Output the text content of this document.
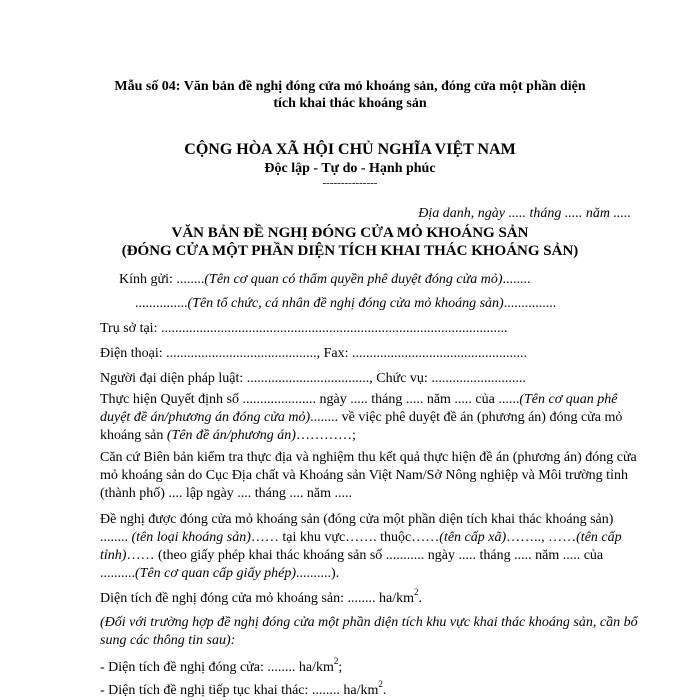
Mẫu số 04: Văn bản đề nghị đóng cửa mỏ khoáng sản, đóng cửa một phần diện
tích khai thác khoáng sản
CỘNG HÒA XÃ HỘI CHỦ NGHĨA VIỆT NAM
Độc lập - Tự do - Hạnh phúc
---------------
Địa danh, ngày ..... tháng ..... năm .....
VĂN BẢN ĐỀ NGHỊ ĐÓNG CỬA MỎ KHOÁNG SẢN
(ĐÓNG CỬA MỘT PHẦN DIỆN TÍCH KHAI THÁC KHOÁNG SẢN)
Kính gửi: ........(Tên cơ quan có thẩm quyền phê duyệt đóng cửa mỏ)........
...............(Tên tổ chức, cá nhân đề nghị đóng cửa mỏ khoáng sản)...............
Trụ sở tại: ...................................................................................................
Điện thoại: ..........................................., Fax: ..................................................
Người đại diện pháp luật: ..................................., Chức vụ: ...........................
Thực hiện Quyết định số ..................... ngày ..... tháng ..... năm ..... của ......(Tên cơ quan phê duyệt đề án/phương án đóng cửa mỏ)........ về việc phê duyệt đề án (phương án) đóng cửa mỏ khoáng sản (Tên đề án/phương án)…………;
Căn cứ Biên bản kiểm tra thực địa và nghiệm thu kết quả thực hiện đề án (phương án) đóng cửa mỏ khoáng sản do Cục Địa chất và Khoáng sản Việt Nam/Sở Nông nghiệp và Môi trường tỉnh (thành phố) .... lập ngày .... tháng .... năm .....
Đề nghị được đóng cửa mỏ khoáng sản (đóng cửa một phần diện tích khai thác khoáng sản) ........ (tên loại khoáng sản)…… tại khu vực……. thuộc……(tên cấp xã)…….., ……(tên cấp tỉnh)…… (theo giấy phép khai thác khoáng sản số ........... ngày ..... tháng ..... năm ..... của ..........(Tên cơ quan cấp giấy phép)..........).
Diện tích đề nghị đóng cửa mỏ khoáng sản: ........ $ha/km^2$.
(Đối với trường hợp đề nghị đóng cửa một phần diện tích khu vực khai thác khoáng sản, cần bổ sung các thông tin sau):
- Diện tích đề nghị đóng cửa: ........ $ha/km^2$;
- Diện tích đề nghị tiếp tục khai thác: ........ $ha/km^2$.
